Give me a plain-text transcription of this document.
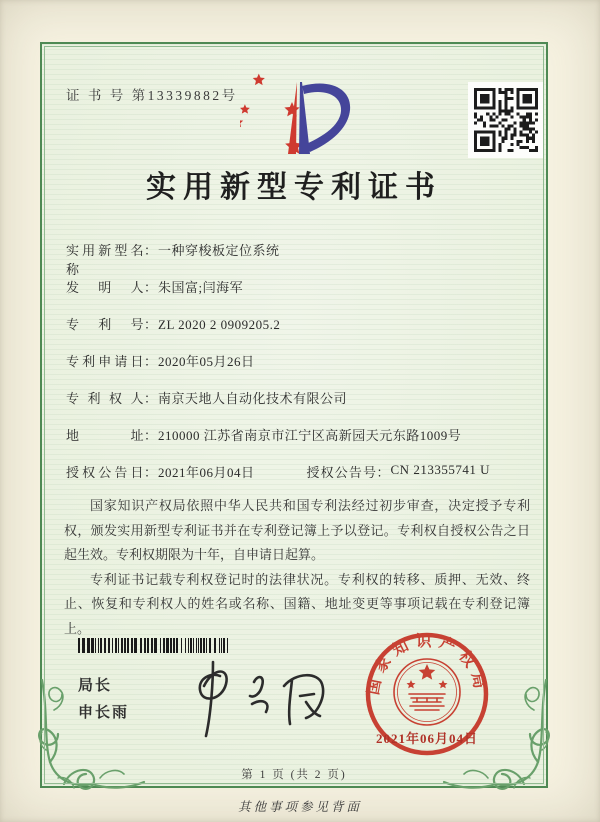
证 书 号 第13339882号
实用新型专利证书
实用新型名称
： 一种穿梭板定位系统
发明人 ： 朱国富;闫海军
专利号 ： ZL 2020 2 0909205.2
专利申请日 ： 2020年05月26日
专利权人 ： 南京天地人自动化技术有限公司
地址 ： 210000 江苏省南京市江宁区高新园天元东路1009号
授权公告日 ： 2021年06月04日	授权公告号 ： CN 213355741 U

国家知识产权局依照中华人民共和国专利法经过初步审查，决定授予专利权，颁发实用新型专利证书并在专利登记簿上予以登记。专利权自授权公告之日起生效。专利权期限为十年，自申请日起算。

专利证书记载专利权登记时的法律状况。专利权的转移、质押、无效、终止、恢复和专利权人的姓名或名称、国籍、地址变更等事项记载在专利登记簿上。

局长
申长雨
国家知识产权局
2021年06月04日
第 1 页 (共 2 页)
其他事项参见背面
